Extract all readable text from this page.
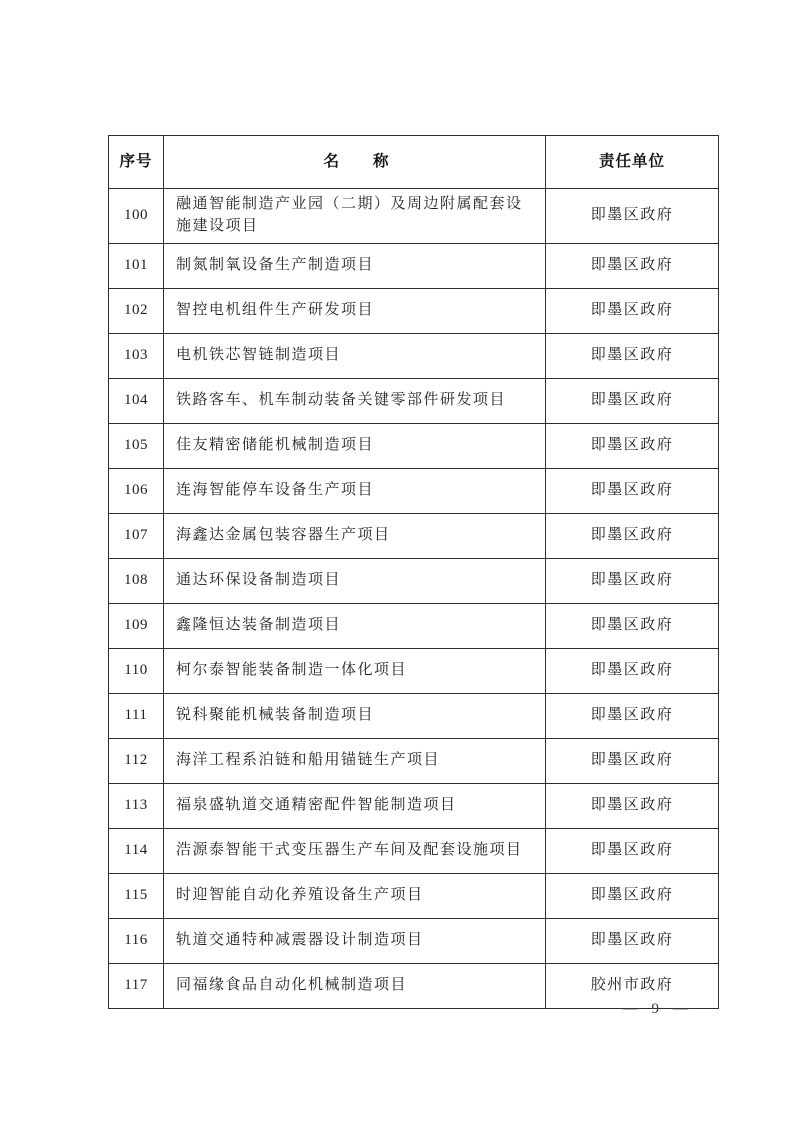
序号	名　　称	责任单位
100	融通智能制造产业园（二期）及周边附属配套设施建设项目	即墨区政府
101	制氮制氧设备生产制造项目	即墨区政府
102	智控电机组件生产研发项目	即墨区政府
103	电机铁芯智链制造项目	即墨区政府
104	铁路客车、机车制动装备关键零部件研发项目	即墨区政府
105	佳友精密储能机械制造项目	即墨区政府
106	连海智能停车设备生产项目	即墨区政府
107	海鑫达金属包装容器生产项目	即墨区政府
108	通达环保设备制造项目	即墨区政府
109	鑫隆恒达装备制造项目	即墨区政府
110	柯尔泰智能装备制造一体化项目	即墨区政府
111	锐科聚能机械装备制造项目	即墨区政府
112	海洋工程系泊链和船用锚链生产项目	即墨区政府
113	福泉盛轨道交通精密配件智能制造项目	即墨区政府
114	浩源泰智能干式变压器生产车间及配套设施项目	即墨区政府
115	时迎智能自动化养殖设备生产项目	即墨区政府
116	轨道交通特种减震器设计制造项目	即墨区政府
117	同福缘食品自动化机械制造项目	胶州市政府
— 9 —
